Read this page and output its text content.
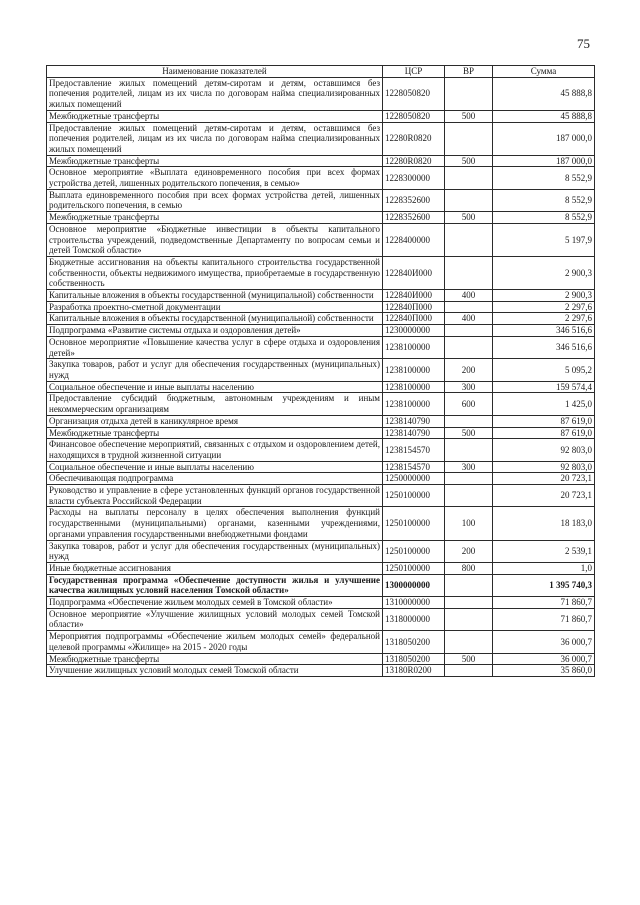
75
Наименование показателей	ЦСР	ВР	Сумма
Предоставление жилых помещений детям-сиротам и детям, оставшимся без попечения родителей, лицам из их числа по договорам найма специализированных жилых помещений	1228050820		45 888,8
Межбюджетные трансферты	1228050820	500	45 888,8
Предоставление жилых помещений детям-сиротам и детям, оставшимся без попечения родителей, лицам из их числа по договорам найма специализированных жилых помещений	12280R0820		187 000,0
Межбюджетные трансферты	12280R0820	500	187 000,0
Основное мероприятие «Выплата единовременного пособия при всех формах устройства детей, лишенных родительского попечения, в семью»	1228300000		8 552,9
Выплата единовременного пособия при всех формах устройства детей, лишенных родительского попечения, в семью	1228352600		8 552,9
Межбюджетные трансферты	1228352600	500	8 552,9
Основное мероприятие «Бюджетные инвестиции в объекты капитального строительства учреждений, подведомственные Департаменту по вопросам семьи и детей Томской области»	1228400000		5 197,9
Бюджетные ассигнования на объекты капитального строительства государственной собственности, объекты недвижимого имущества, приобретаемые в государственную собственность	122840И000		2 900,3
Капитальные вложения в объекты государственной (муниципальной) собственности	122840И000	400	2 900,3
Разработка проектно-сметной документации	122840П000		2 297,6
Капитальные вложения в объекты государственной (муниципальной) собственности	122840П000	400	2 297,6
Подпрограмма «Развитие системы отдыха и оздоровления детей»	1230000000		346 516,6
Основное мероприятие «Повышение качества услуг в сфере отдыха и оздоровления детей»	1238100000		346 516,6
Закупка товаров, работ и услуг для обеспечения государственных (муниципальных) нужд	1238100000	200	5 095,2
Социальное обеспечение и иные выплаты населению	1238100000	300	159 574,4
Предоставление субсидий бюджетным, автономным учреждениям и иным некоммерческим организациям	1238100000	600	1 425,0
Организация отдыха детей в каникулярное время	1238140790		87 619,0
Межбюджетные трансферты	1238140790	500	87 619,0
Финансовое обеспечение мероприятий, связанных с отдыхом и оздоровлением детей, находящихся в трудной жизненной ситуации	1238154570		92 803,0
Социальное обеспечение и иные выплаты населению	1238154570	300	92 803,0
Обеспечивающая подпрограмма	1250000000		20 723,1
Руководство и управление в сфере установленных функций органов государственной власти субъекта Российской Федерации	1250100000		20 723,1
Расходы на выплаты персоналу в целях обеспечения выполнения функций государственными (муниципальными) органами, казенными учреждениями, органами управления государственными внебюджетными фондами	1250100000	100	18 183,0
Закупка товаров, работ и услуг для обеспечения государственных (муниципальных) нужд	1250100000	200	2 539,1
Иные бюджетные ассигнования	1250100000	800	1,0
Государственная программа «Обеспечение доступности жилья и улучшение качества жилищных условий населения Томской области»	1300000000		1 395 740,3
Подпрограмма «Обеспечение жильем молодых семей в Томской области»	1310000000		71 860,7
Основное мероприятие «Улучшение жилищных условий молодых семей Томской области»	1318000000		71 860,7
Мероприятия подпрограммы «Обеспечение жильем молодых семей» федеральной целевой программы «Жилище» на 2015 - 2020 годы	1318050200		36 000,7
Межбюджетные трансферты	1318050200	500	36 000,7
Улучшение жилищных условий молодых семей Томской области	13180R0200		35 860,0
